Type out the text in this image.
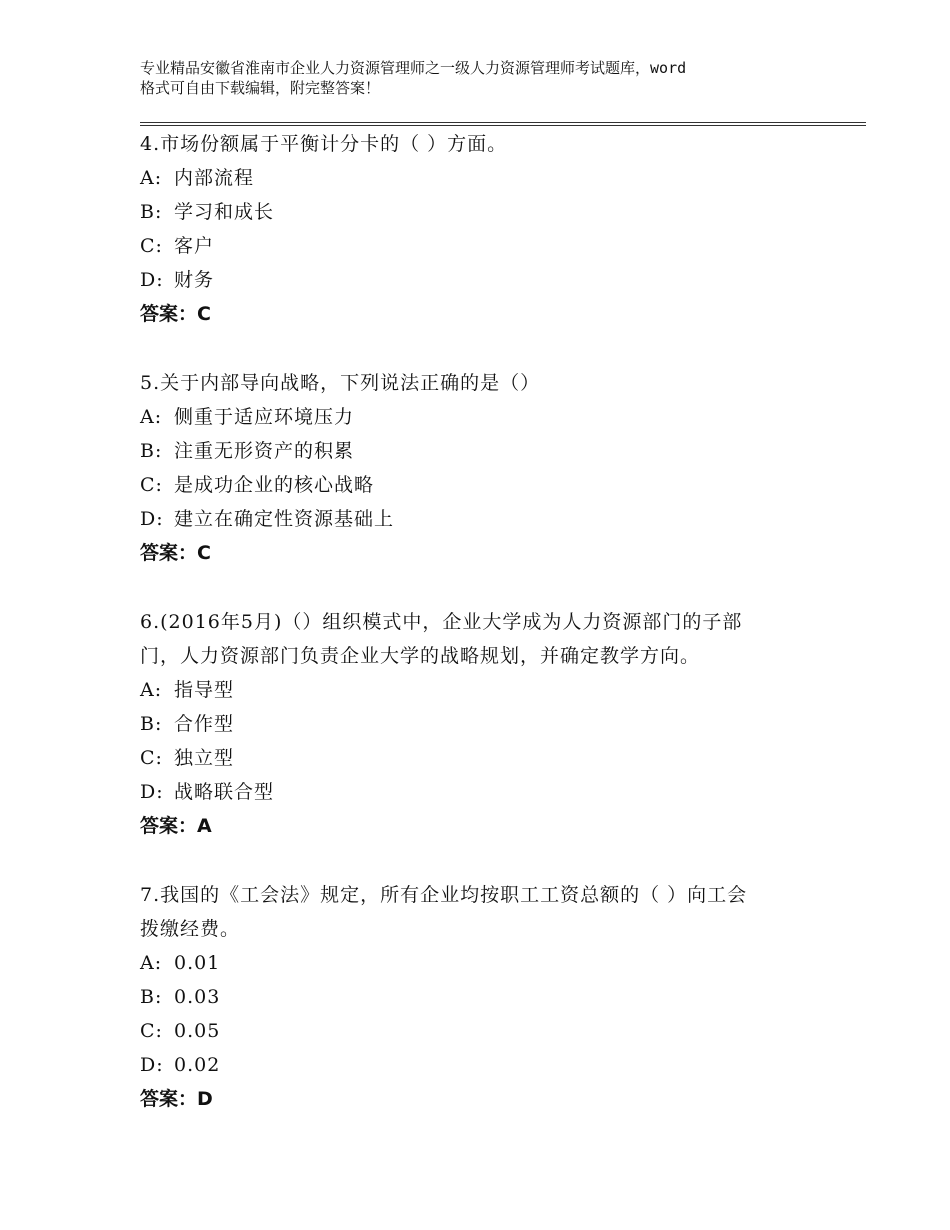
专业精品安徽省淮南市企业人力资源管理师之一级人力资源管理师考试题库，word
格式可自由下载编辑，附完整答案！
4.市场份额属于平衡计分卡的（ ）方面。
A: 内部流程
B: 学习和成长
C: 客户
D: 财务
答案：C
5.关于内部导向战略，下列说法正确的是（）
A: 侧重于适应环境压力
B: 注重无形资产的积累
C: 是成功企业的核心战略
D: 建立在确定性资源基础上
答案：C
6.(2016年5月)（）组织模式中，企业大学成为人力资源部门的子部
门，人力资源部门负责企业大学的战略规划，并确定教学方向。
A: 指导型
B: 合作型
C: 独立型
D: 战略联合型
答案：A
7.我国的《工会法》规定，所有企业均按职工工资总额的（ ）向工会
拨缴经费。
A: 0.01
B: 0.03
C: 0.05
D: 0.02
答案：D
